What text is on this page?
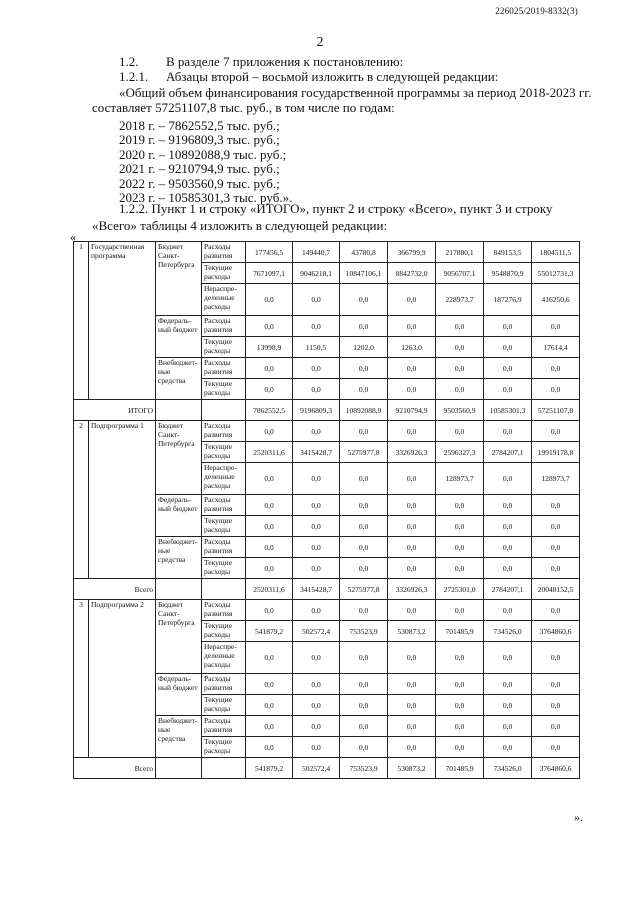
226025/2019-8332(3)
2
1.2. В разделе 7 приложения к постановлению:
1.2.1. Абзацы второй – восьмой изложить в следующей редакции:
«Общий объем финансирования государственной программы за период 2018-2023 гг.
составляет 57251107,8 тыс. руб., в том числе по годам:
2018 г. – 7862552,5 тыс. руб.;
2019 г. – 9196809,3 тыс. руб.;
2020 г. – 10892088,9 тыс. руб.;
2021 г. – 9210794,9 тыс. руб.;
2022 г. – 9503560,9 тыс. руб.;
2023 г. – 10585301,3 тыс. руб.».
1.2.2. Пункт 1 и строку «ИТОГО», пункт 2 и строку «Всего», пункт 3 и строку
«Всего» таблицы 4 изложить в следующей редакции:
«
1	Государственная программа	Бюджет Санкт-Петербурга	Расходы развития	177456,5	149440,7	43780,8	366799,9	217880,1	849153,5	1804511,5
			Текущие расходы	7671097,1	9046218,1	10847106,1	8842732,0	9056707,1	9548870,9	55012731,3
			Нераспре-деленные расходы	0,0	0,0	0,0	0,0	228973,7	187276,9	416250,6
		Федераль-ный бюджет	Расходы развития	0,0	0,0	0,0	0,0	0,0	0,0	0,0
			Текущие расходы	13998,9	1150,5	1202,0	1263,0	0,0	0,0	17614,4
		Внебюджет-ные средства	Расходы развития	0,0	0,0	0,0	0,0	0,0	0,0	0,0
			Текущие расходы	0,0	0,0	0,0	0,0	0,0	0,0	0,0
ИТОГО				7862552,5	9196809,3	10892088,9	9210794,9	9503560,9	10585301,3	57251107,8
2	Подпрограмма 1	Бюджет Санкт-Петербурга	Расходы развития	0,0	0,0	0,0	0,0	0,0	0,0	0,0
			Текущие расходы	2520311,6	3415428,7	5275977,8	3326926,3	2596327,3	2784207,1	19919178,8
			Нераспре-деленные расходы	0,0	0,0	0,0	0,0	128973,7	0,0	128973,7
		Федераль-ный бюджет	Расходы развития	0,0	0,0	0,0	0,0	0,0	0,0	0,0
			Текущие расходы	0,0	0,0	0,0	0,0	0,0	0,0	0,0
		Внебюджет-ные средства	Расходы развития	0,0	0,0	0,0	0,0	0,0	0,0	0,0
			Текущие расходы	0,0	0,0	0,0	0,0	0,0	0,0	0,0
Всего				2520311,6	3415428,7	5275977,8	3326926,3	2725301,0	2784207,1	20048152,5
3	Подпрограмма 2	Бюджет Санкт-Петербурга	Расходы развития	0,0	0,0	0,0	0,0	0,0	0,0	0,0
			Текущие расходы	541879,2	502572,4	753523,9	530873,2	701485,9	734526,0	3764860,6
			Нераспре-деленные расходы	0,0	0,0	0,0	0,0	0,0	0,0	0,0
		Федераль-ный бюджет	Расходы развития	0,0	0,0	0,0	0,0	0,0	0,0	0,0
			Текущие расходы	0,0	0,0	0,0	0,0	0,0	0,0	0,0
		Внебюджет-ные средства	Расходы развития	0,0	0,0	0,0	0,0	0,0	0,0	0,0
			Текущие расходы	0,0	0,0	0,0	0,0	0,0	0,0	0,0
Всего				541879,2	502572,4	753523,9	530873,2	701485,9	734526,0	3764860,6
».
